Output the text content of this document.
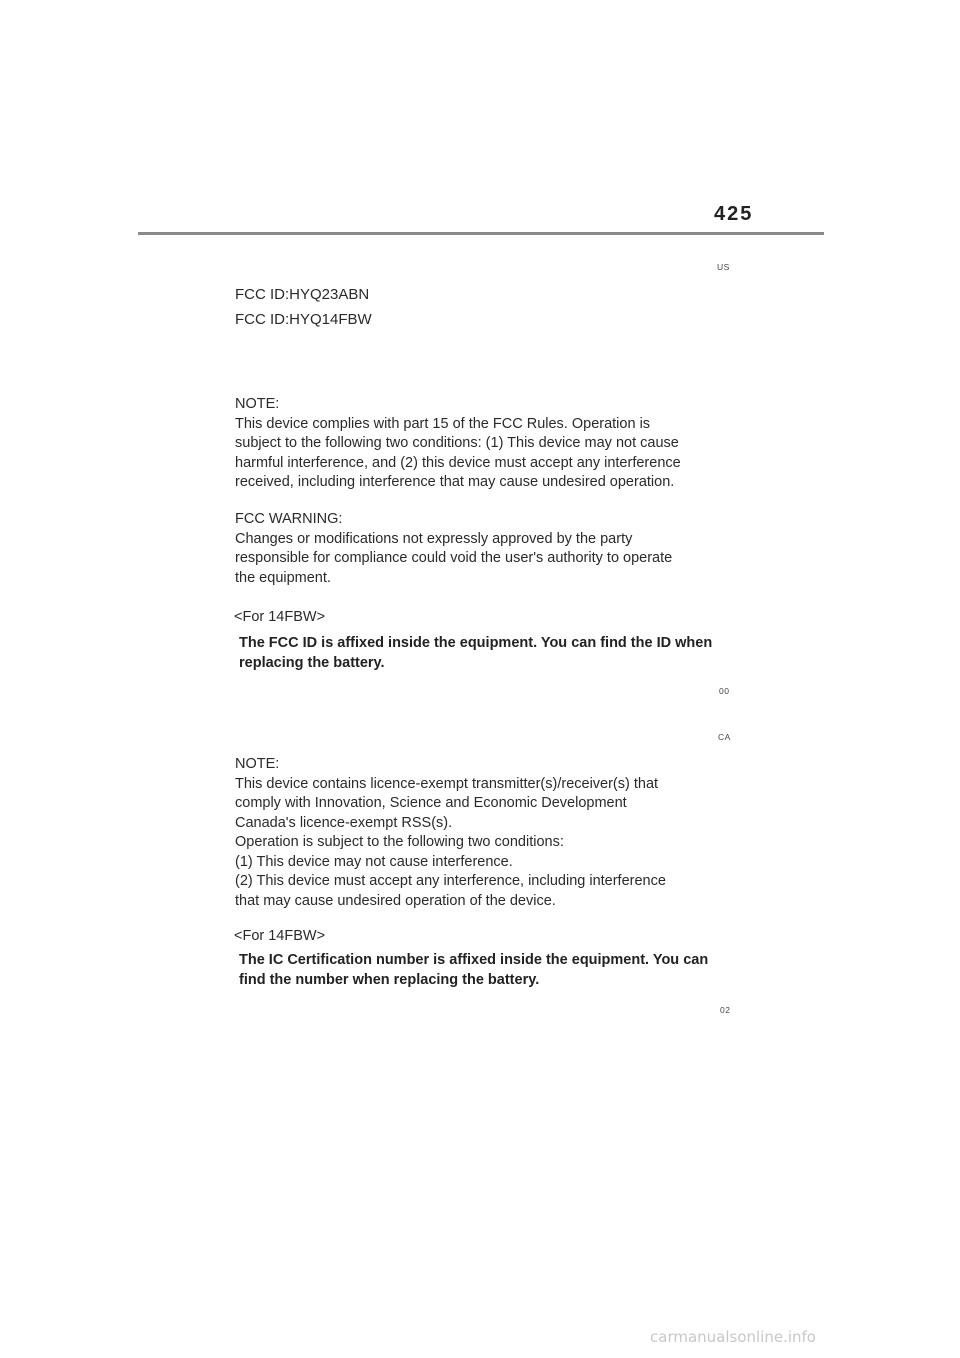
425
US
FCC ID:HYQ23ABN
FCC ID:HYQ14FBW
NOTE:
This device complies with part 15 of the FCC Rules. Operation is
subject to the following two conditions: (1) This device may not cause
harmful interference, and (2) this device must accept any interference
received, including interference that may cause undesired operation.
FCC WARNING:
Changes or modifications not expressly approved by the party
responsible for compliance could void the user's authority to operate
the equipment.
<For 14FBW>
The FCC ID is affixed inside the equipment. You can find the ID when
replacing the battery.
00
CA
NOTE:
This device contains licence-exempt transmitter(s)/receiver(s) that
comply with Innovation, Science and Economic Development
Canada's licence-exempt RSS(s).
Operation is subject to the following two conditions:
(1) This device may not cause interference.
(2) This device must accept any interference, including interference
that may cause undesired operation of the device.
<For 14FBW>
The IC Certification number is affixed inside the equipment. You can
find the number when replacing the battery.
02
carmanualsonline.info
